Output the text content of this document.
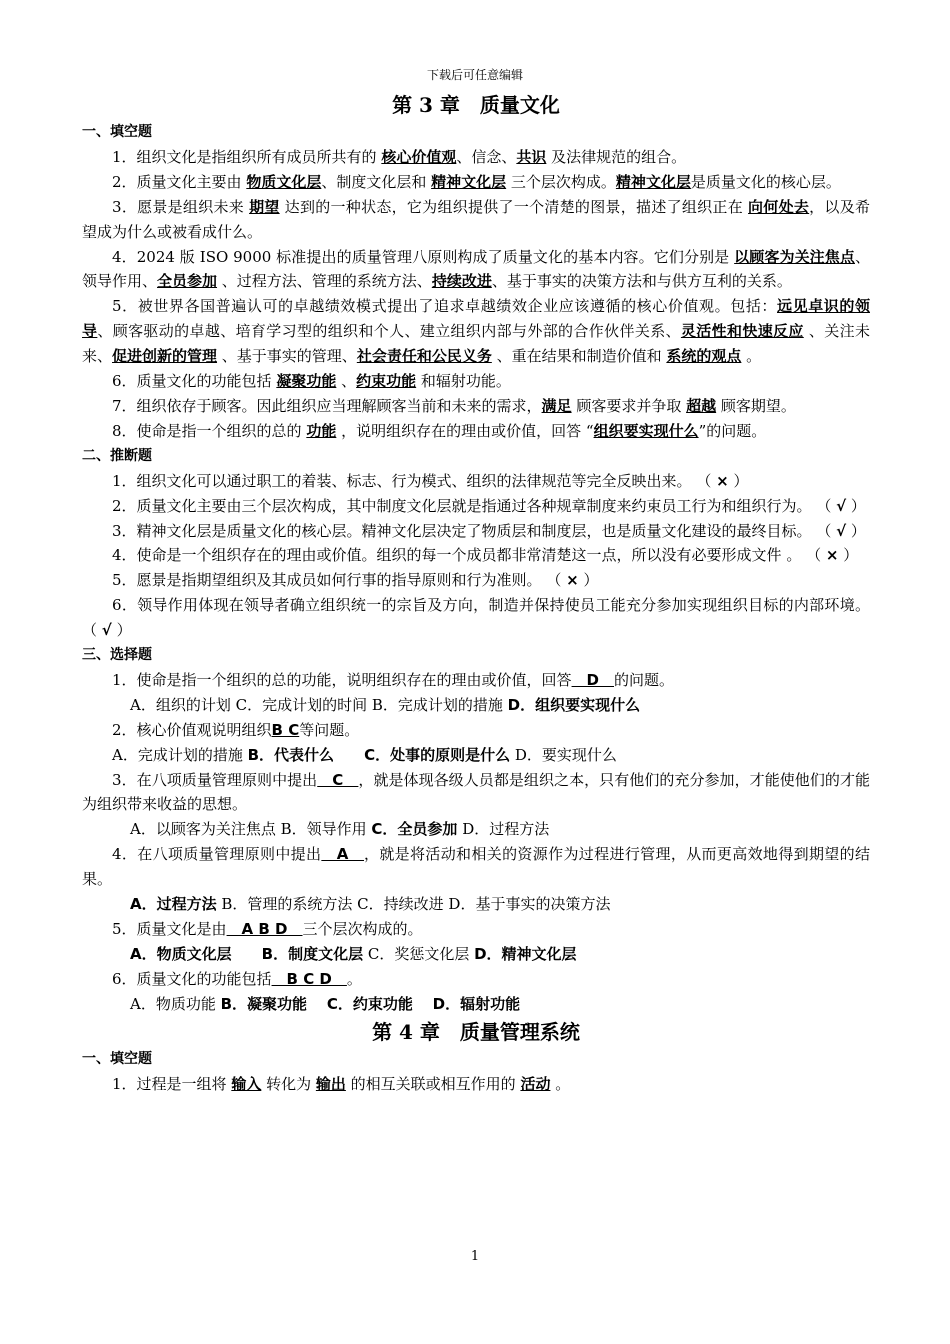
下载后可任意编辑

第 3 章　质量文化

一、填空题

1．组织文化是指组织所有成员所共有的 核心价值观、信念、共识 及法律规范的组合。

2．质量文化主要由 物质文化层、制度文化层和 精神文化层 三个层次构成。精神文化层是质量文化的核心层。

3．愿景是组织未来 期望 达到的一种状态，它为组织提供了一个清楚的图景，描述了组织正在 向何处去，以及希望成为什么或被看成什么。

4．2024 版 ISO 9000 标准提出的质量管理八原则构成了质量文化的基本内容。它们分别是 以顾客为关注焦点、领导作用、全员参加 、过程方法、管理的系统方法、持续改进、基于事实的决策方法和与供方互利的关系。

5．被世界各国普遍认可的卓越绩效模式提出了追求卓越绩效企业应该遵循的核心价值观。包括：远见卓识的领导、顾客驱动的卓越、培育学习型的组织和个人、建立组织内部与外部的合作伙伴关系、灵活性和快速反应 、关注未来、促进创新的管理 、基于事实的管理、社会责任和公民义务 、重在结果和制造价值和 系统的观点 。

6．质量文化的功能包括 凝聚功能 、约束功能 和辐射功能。

7．组织依存于顾客。因此组织应当理解顾客当前和未来的需求，满足 顾客要求并争取 超越 顾客期望。

8．使命是指一个组织的总的 功能 ，说明组织存在的理由或价值，回答 “组织要实现什么”的问题。

二、推断题

1．组织文化可以通过职工的着装、标志、行为模式、组织的法律规范等完全反映出来。 （ × ）

2．质量文化主要由三个层次构成，其中制度文化层就是指通过各种规章制度来约束员工行为和组织行为。 （ √ ）

3．精神文化层是质量文化的核心层。精神文化层决定了物质层和制度层，也是质量文化建设的最终目标。 （ √ ）

4．使命是一个组织存在的理由或价值。组织的每一个成员都非常清楚这一点，所以没有必要形成文件 。 （ × ）

5．愿景是指期望组织及其成员如何行事的指导原则和行为准则。 （ × ）

6．领导作用体现在领导者确立组织统一的宗旨及方向，制造并保持使员工能充分参加实现组织目标的内部环境。 （ √ ）

三、选择题

1．使命是指一个组织的总的功能，说明组织存在的理由或价值，回答　D　的问题。

A．组织的计划 C．完成计划的时间 B．完成计划的措施 D．组织要实现什么

2．核心价值观说明组织B C等问题。

A．完成计划的措施 B．代表什么　　 C．处事的原则是什么 D．要实现什么

3．在八项质量管理原则中提出　C　，就是体现各级人员都是组织之本，只有他们的充分参加，才能使他们的才能为组织带来收益的思想。

A．以顾客为关注焦点 B．领导作用 C．全员参加 D．过程方法

4．在八项质量管理原则中提出　A　，就是将活动和相关的资源作为过程进行管理，从而更高效地得到期望的结果。

A．过程方法 B．管理的系统方法 C．持续改进 D．基于事实的决策方法

5．质量文化是由　A B D　三个层次构成的。

A．物质文化层　　 B．制度文化层 C．奖惩文化层 D．精神文化层

6．质量文化的功能包括　B C D　。

A．物质功能 B．凝聚功能　 C．约束功能　 D．辐射功能

第 4 章　质量管理系统

一、填空题

1．过程是一组将 输入 转化为 输出 的相互关联或相互作用的 活动 。

1
